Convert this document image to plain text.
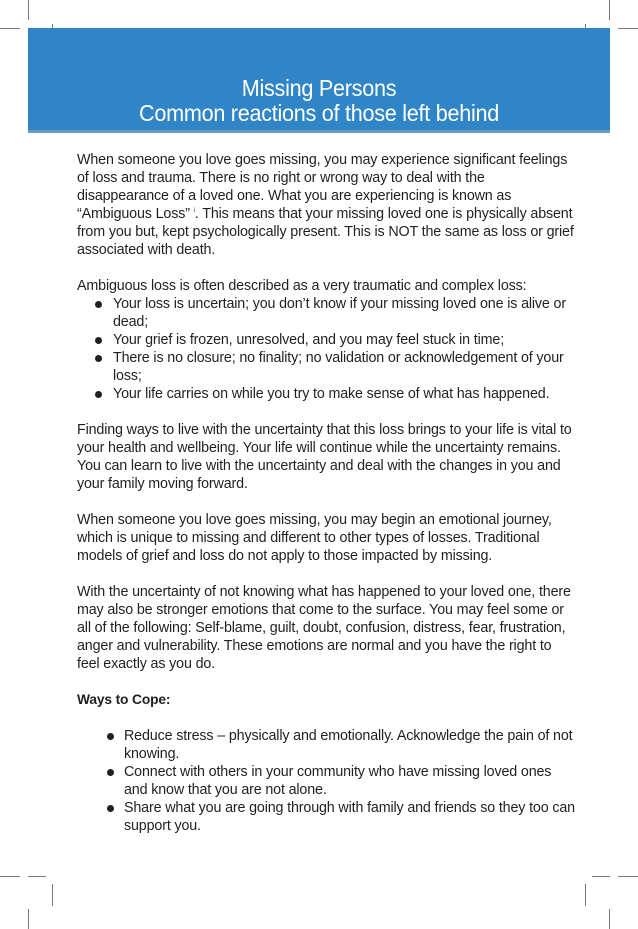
Missing Persons
Common reactions of those left behind

When someone you love goes missing, you may experience significant feelings of loss and trauma. There is no right or wrong way to deal with the disappearance of a loved one. What you are experiencing is known as “Ambiguous Loss” $^i$. This means that your missing loved one is physically absent from you but, kept psychologically present. This is NOT the same as loss or grief associated with death.

Ambiguous loss is often described as a very traumatic and complex loss:
Your loss is uncertain; you don’t know if your missing loved one is alive or dead;
Your grief is frozen, unresolved, and you may feel stuck in time;
There is no closure; no finality; no validation or acknowledgement of your loss;
Your life carries on while you try to make sense of what has happened.

Finding ways to live with the uncertainty that this loss brings to your life is vital to your health and wellbeing. Your life will continue while the uncertainty remains. You can learn to live with the uncertainty and deal with the changes in you and your family moving forward.

When someone you love goes missing, you may begin an emotional journey, which is unique to missing and different to other types of losses. Traditional models of grief and loss do not apply to those impacted by missing.

With the uncertainty of not knowing what has happened to your loved one, there may also be stronger emotions that come to the surface. You may feel some or all of the following: Self-blame, guilt, doubt, confusion, distress, fear, frustration, anger and vulnerability. These emotions are normal and you have the right to feel exactly as you do.

Ways to Cope:
Reduce stress – physically and emotionally. Acknowledge the pain of not knowing.
Connect with others in your community who have missing loved ones and know that you are not alone.
Share what you are going through with family and friends so they too can support you.
